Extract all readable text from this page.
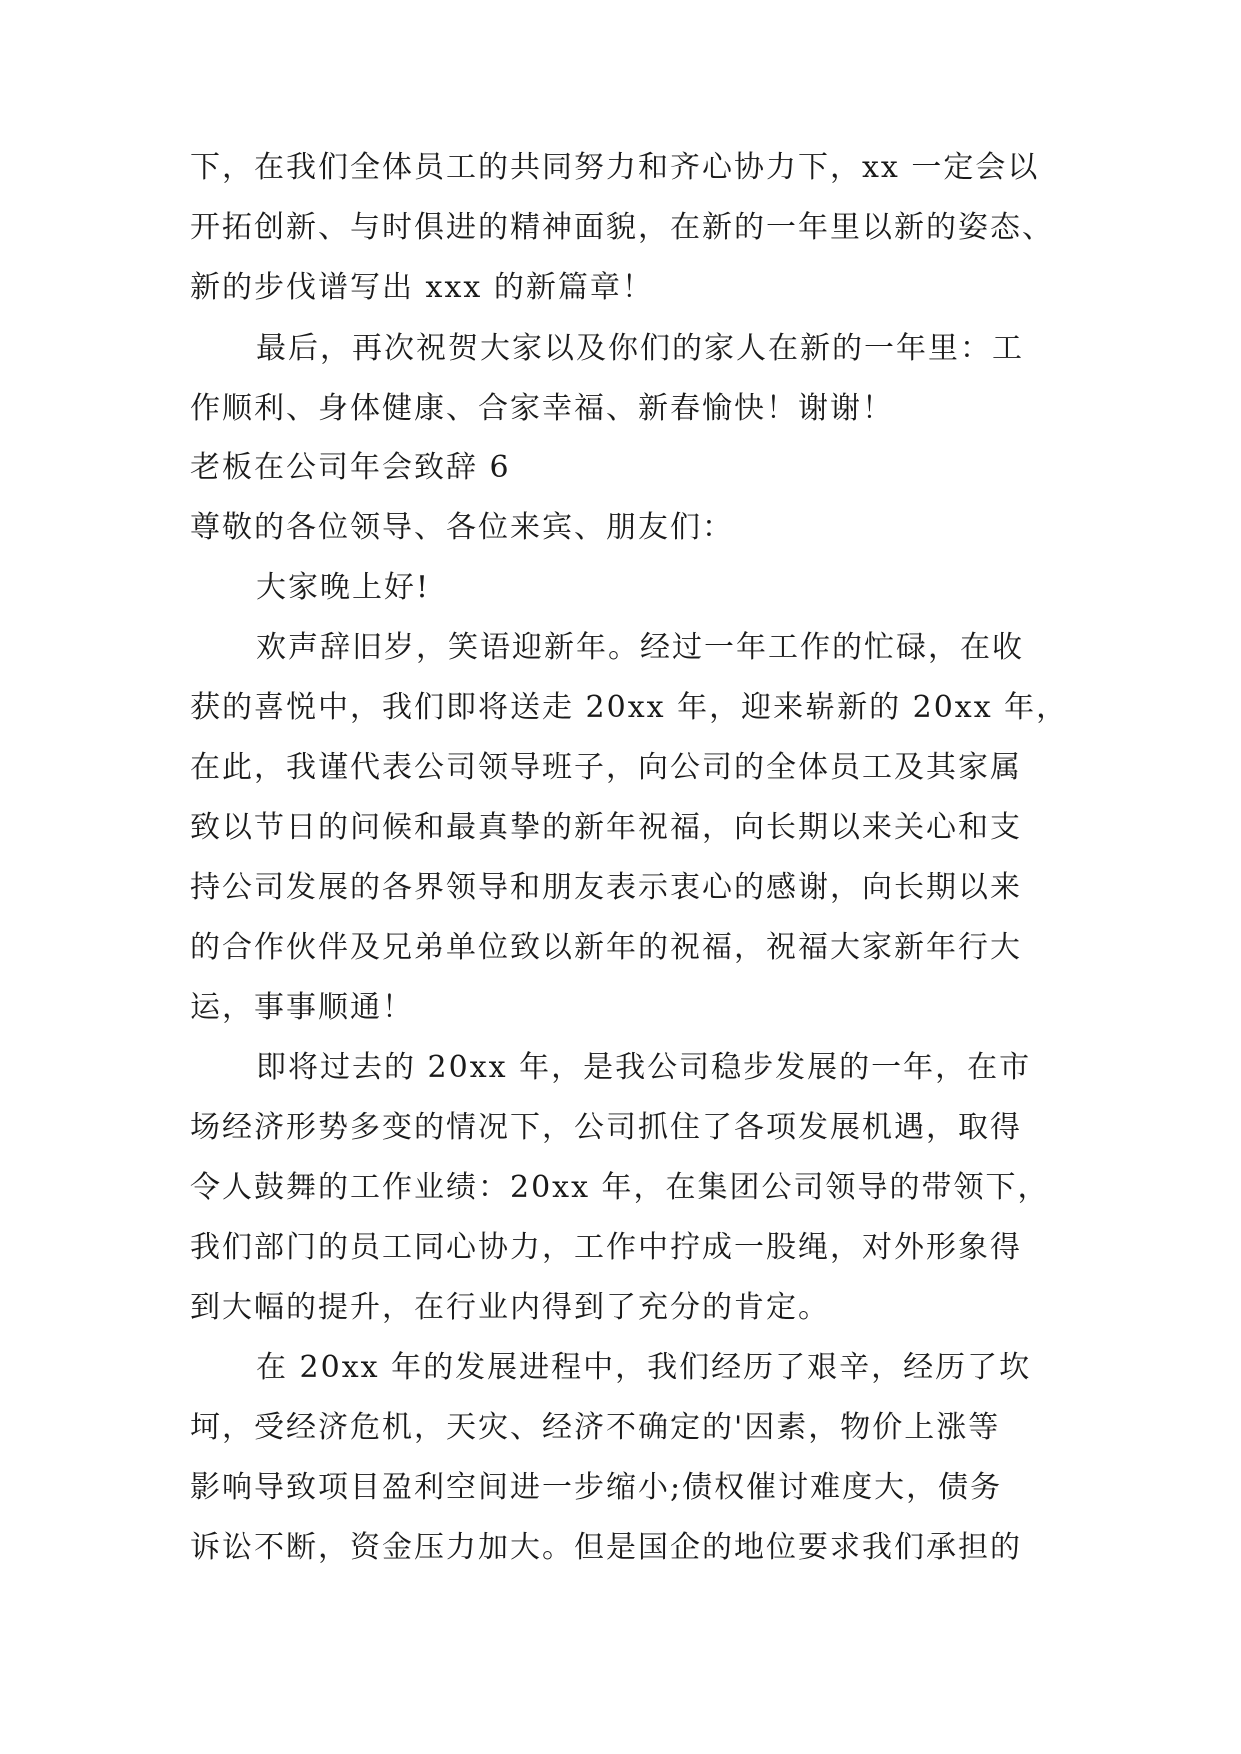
下，在我们全体员工的共同努力和齐心协力下，xx 一定会以
开拓创新、与时俱进的精神面貌，在新的一年里以新的姿态、
新的步伐谱写出 xxx 的新篇章！
最后，再次祝贺大家以及你们的家人在新的一年里：工
作顺利、身体健康、合家幸福、新春愉快！谢谢！
老板在公司年会致辞 6
尊敬的各位领导、各位来宾、朋友们：
大家晚上好!
欢声辞旧岁，笑语迎新年。经过一年工作的忙碌，在收
获的喜悦中，我们即将送走 20xx 年，迎来崭新的 20xx 年，
在此，我谨代表公司领导班子，向公司的全体员工及其家属
致以节日的问候和最真挚的新年祝福，向长期以来关心和支
持公司发展的各界领导和朋友表示衷心的感谢，向长期以来
的合作伙伴及兄弟单位致以新年的祝福，祝福大家新年行大
运，事事顺通！
即将过去的 20xx 年，是我公司稳步发展的一年，在市
场经济形势多变的情况下，公司抓住了各项发展机遇，取得
令人鼓舞的工作业绩：20xx 年，在集团公司领导的带领下，
我们部门的员工同心协力，工作中拧成一股绳，对外形象得
到大幅的提升，在行业内得到了充分的肯定。
在 20xx 年的发展进程中，我们经历了艰辛，经历了坎
坷，受经济危机，天灾、经济不确定的'因素，物价上涨等
影响导致项目盈利空间进一步缩小;债权催讨难度大，债务
诉讼不断，资金压力加大。但是国企的地位要求我们承担的
